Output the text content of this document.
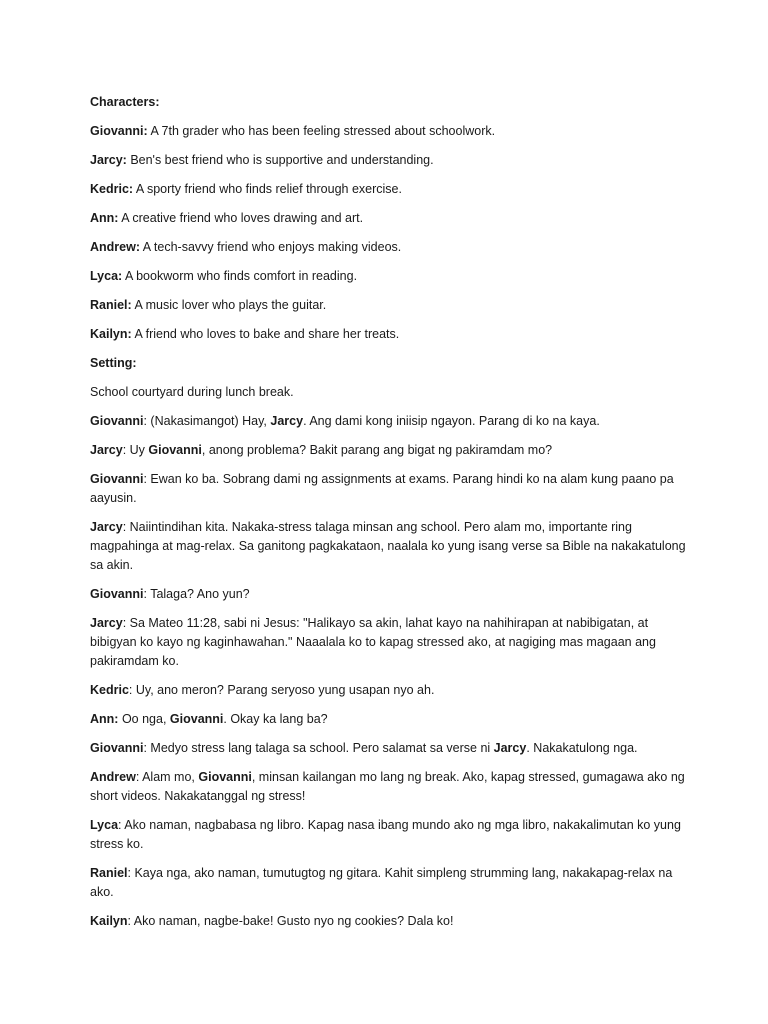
Characters:

Giovanni: A 7th grader who has been feeling stressed about schoolwork.

Jarcy: Ben's best friend who is supportive and understanding.

Kedric: A sporty friend who finds relief through exercise.

Ann: A creative friend who loves drawing and art.

Andrew: A tech-savvy friend who enjoys making videos.

Lyca: A bookworm who finds comfort in reading.

Raniel: A music lover who plays the guitar.

Kailyn: A friend who loves to bake and share her treats.

Setting:

School courtyard during lunch break.

Giovanni: (Nakasimangot) Hay, Jarcy. Ang dami kong iniisip ngayon. Parang di ko na kaya.

Jarcy: Uy Giovanni, anong problema? Bakit parang ang bigat ng pakiramdam mo?

Giovanni: Ewan ko ba. Sobrang dami ng assignments at exams. Parang hindi ko na alam kung paano pa aayusin.

Jarcy: Naiintindihan kita. Nakaka-stress talaga minsan ang school. Pero alam mo, importante ring magpahinga at mag-relax. Sa ganitong pagkakataon, naalala ko yung isang verse sa Bible na nakakatulong sa akin.

Giovanni: Talaga? Ano yun?

Jarcy: Sa Mateo 11:28, sabi ni Jesus: "Halikayo sa akin, lahat kayo na nahihirapan at nabibigatan, at bibigyan ko kayo ng kaginhawahan." Naaalala ko to kapag stressed ako, at nagiging mas magaan ang pakiramdam ko.

Kedric: Uy, ano meron? Parang seryoso yung usapan nyo ah.

Ann: Oo nga, Giovanni. Okay ka lang ba?

Giovanni: Medyo stress lang talaga sa school. Pero salamat sa verse ni Jarcy. Nakakatulong nga.

Andrew: Alam mo, Giovanni, minsan kailangan mo lang ng break. Ako, kapag stressed, gumagawa ako ng short videos. Nakakatanggal ng stress!

Lyca: Ako naman, nagbabasa ng libro. Kapag nasa ibang mundo ako ng mga libro, nakakalimutan ko yung stress ko.

Raniel: Kaya nga, ako naman, tumutugtog ng gitara. Kahit simpleng strumming lang, nakakapag-relax na ako.

Kailyn: Ako naman, nagbe-bake! Gusto nyo ng cookies? Dala ko!
